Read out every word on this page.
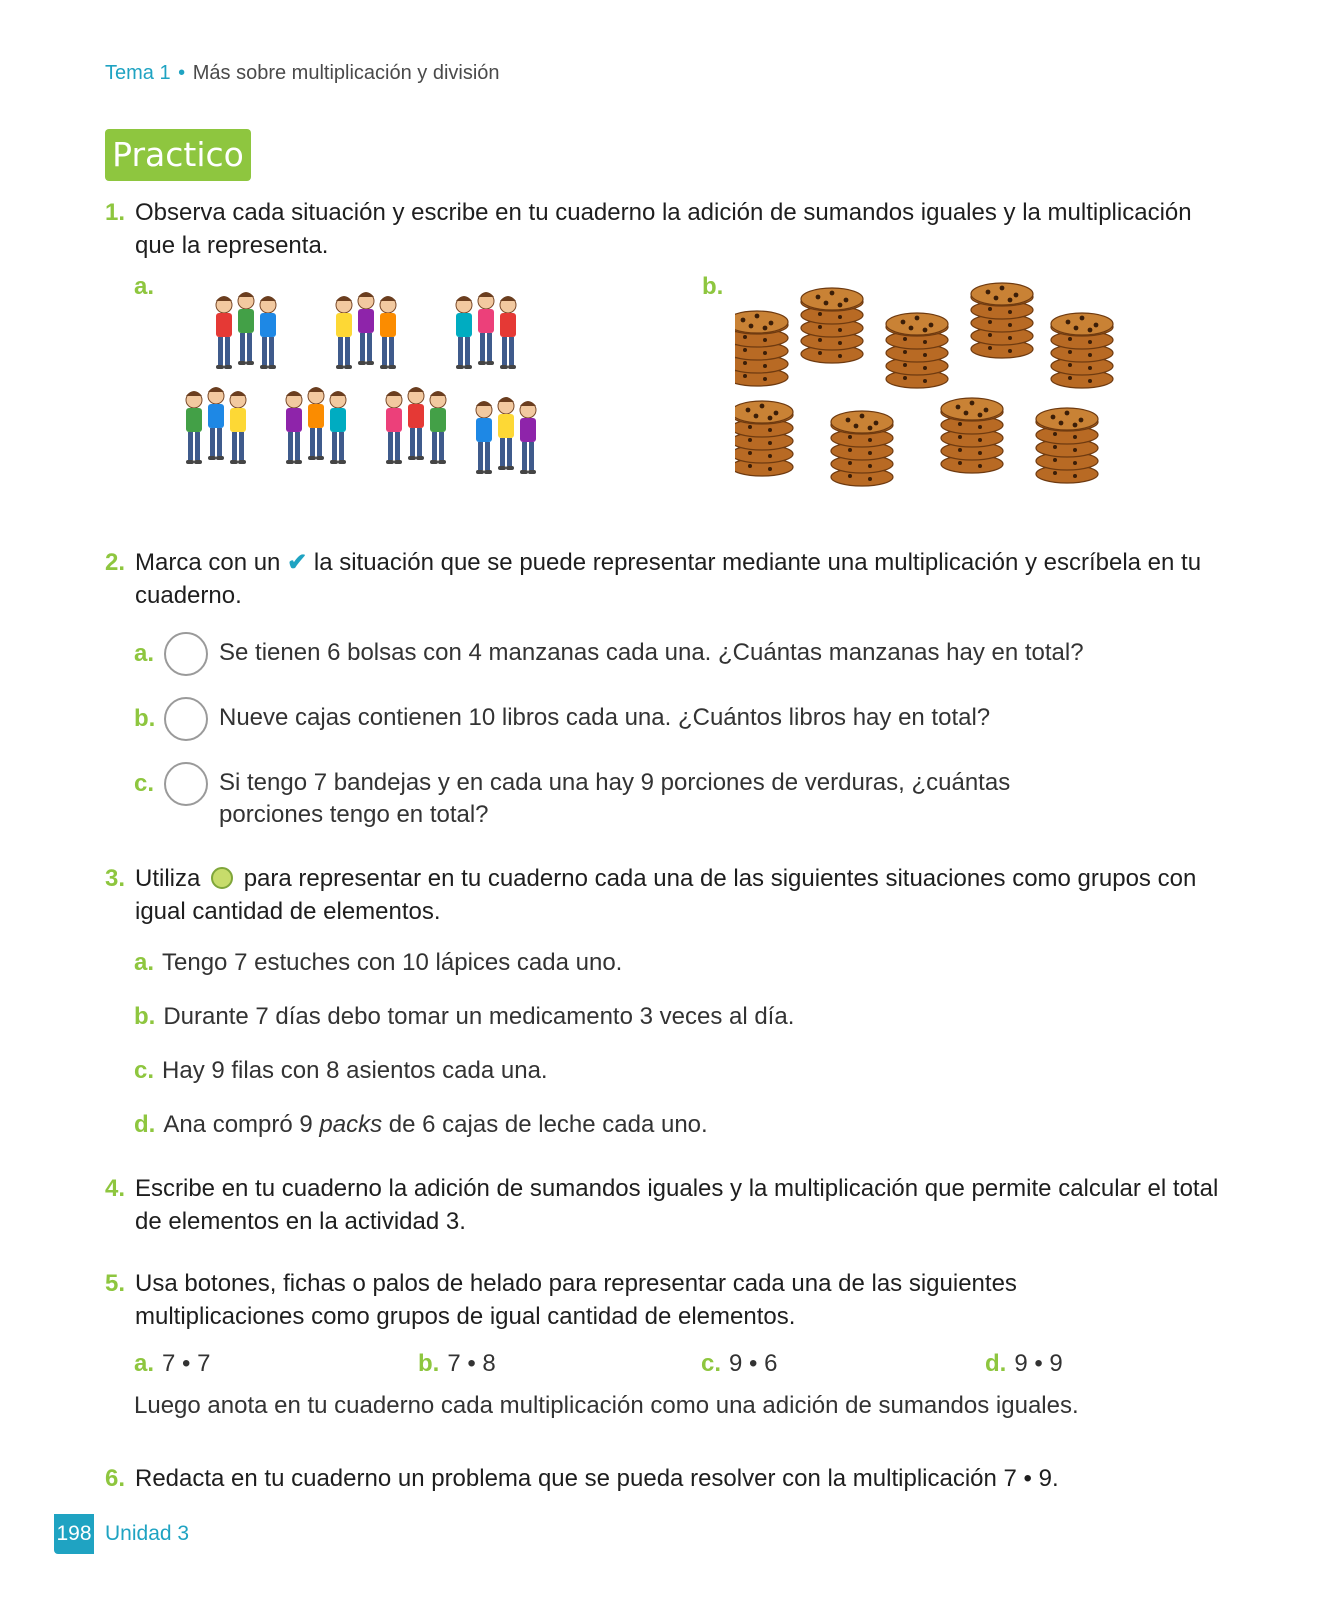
Tema 1 • Más sobre multiplicación y división
Practico
1. Observa cada situación y escribe en tu cuaderno la adición de sumandos iguales y la multiplicación que la representa.
a.	b.
2. Marca con un ✔ la situación que se puede representar mediante una multiplicación y escríbela en tu cuaderno.
a.	Se tienen 6 bolsas con 4 manzanas cada una. ¿Cuántas manzanas hay en total?
b.	Nueve cajas contienen 10 libros cada una. ¿Cuántos libros hay en total?
c.	Si tengo 7 bandejas y en cada una hay 9 porciones de verduras, ¿cuántas porciones tengo en total?
3. Utiliza para representar en tu cuaderno cada una de las siguientes situaciones como grupos con igual cantidad de elementos.
a. Tengo 7 estuches con 10 lápices cada uno.
b. Durante 7 días debo tomar un medicamento 3 veces al día.
c. Hay 9 filas con 8 asientos cada una.
d. Ana compró 9 packs de 6 cajas de leche cada uno.
4. Escribe en tu cuaderno la adición de sumandos iguales y la multiplicación que permite calcular el total de elementos en la actividad 3.
5. Usa botones, fichas o palos de helado para representar cada una de las siguientes multiplicaciones como grupos de igual cantidad de elementos.
a. 7 • 7	b. 7 • 8	c. 9 • 6	d. 9 • 9
Luego anota en tu cuaderno cada multiplicación como una adición de sumandos iguales.
6. Redacta en tu cuaderno un problema que se pueda resolver con la multiplicación 7 • 9.
198 Unidad 3
